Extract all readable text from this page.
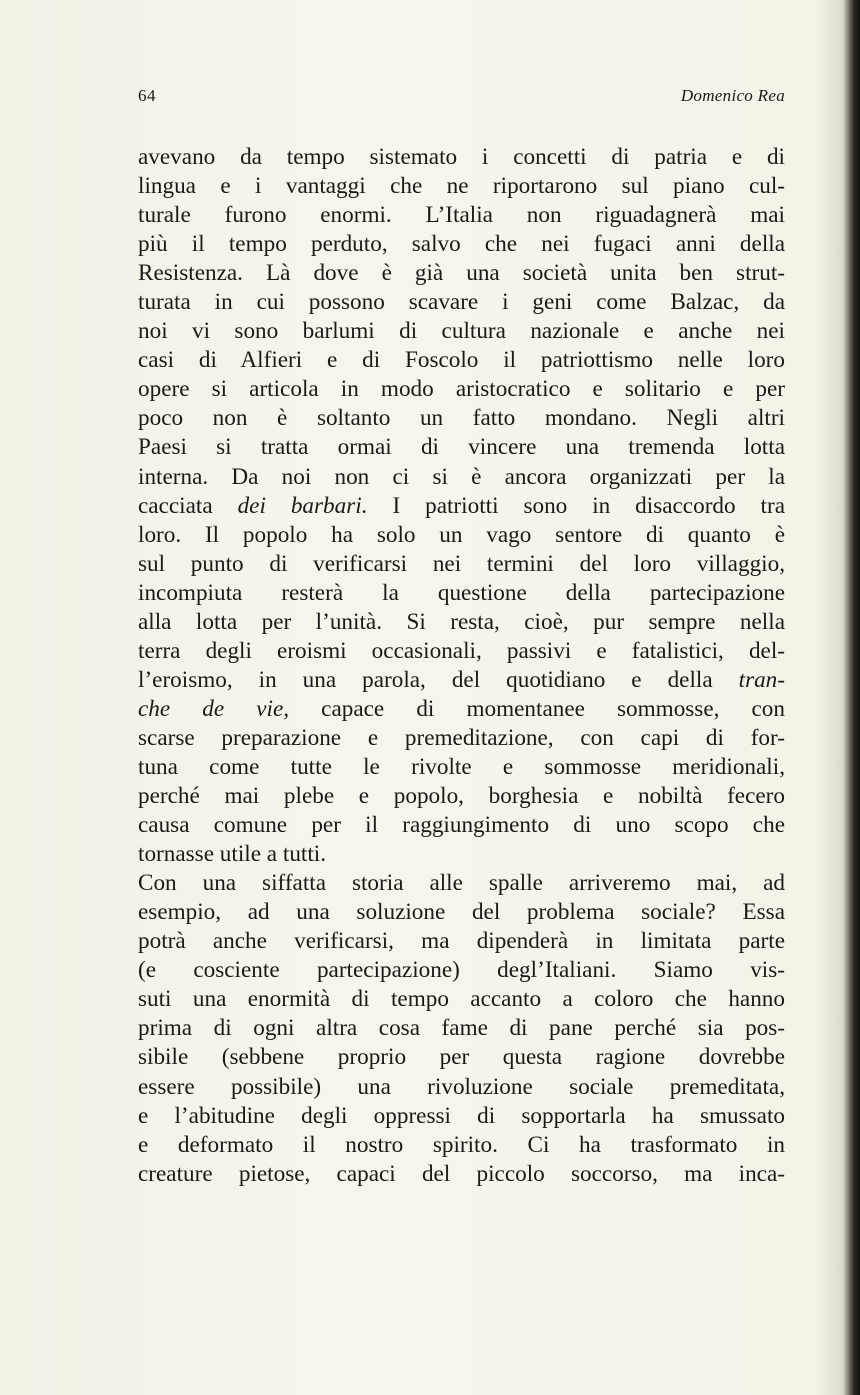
64	Domenico Rea
avevano da tempo sistemato i concetti di patria e di
lingua e i vantaggi che ne riportarono sul piano cul-
turale furono enormi. L’Italia non riguadagnerà mai
più il tempo perduto, salvo che nei fugaci anni della
Resistenza. Là dove è già una società unita ben strut-
turata in cui possono scavare i geni come Balzac, da
noi vi sono barlumi di cultura nazionale e anche nei
casi di Alfieri e di Foscolo il patriottismo nelle loro
opere si articola in modo aristocratico e solitario e per
poco non è soltanto un fatto mondano. Negli altri
Paesi si tratta ormai di vincere una tremenda lotta
interna. Da noi non ci si è ancora organizzati per la
cacciata dei barbari. I patriotti sono in disaccordo tra
loro. Il popolo ha solo un vago sentore di quanto è
sul punto di verificarsi nei termini del loro villaggio,
incompiuta resterà la questione della partecipazione
alla lotta per l’unità. Si resta, cioè, pur sempre nella
terra degli eroismi occasionali, passivi e fatalistici, del-
l’eroismo, in una parola, del quotidiano e della tran-
che de vie, capace di momentanee sommosse, con
scarse preparazione e premeditazione, con capi di for-
tuna come tutte le rivolte e sommosse meridionali,
perché mai plebe e popolo, borghesia e nobiltà fecero
causa comune per il raggiungimento di uno scopo che
tornasse utile a tutti.
Con una siffatta storia alle spalle arriveremo mai, ad
esempio, ad una soluzione del problema sociale? Essa
potrà anche verificarsi, ma dipenderà in limitata parte
(e cosciente partecipazione) degl’Italiani. Siamo vis-
suti una enormità di tempo accanto a coloro che hanno
prima di ogni altra cosa fame di pane perché sia pos-
sibile (sebbene proprio per questa ragione dovrebbe
essere possibile) una rivoluzione sociale premeditata,
e l’abitudine degli oppressi di sopportarla ha smussato
e deformato il nostro spirito. Ci ha trasformato in
creature pietose, capaci del piccolo soccorso, ma inca-
